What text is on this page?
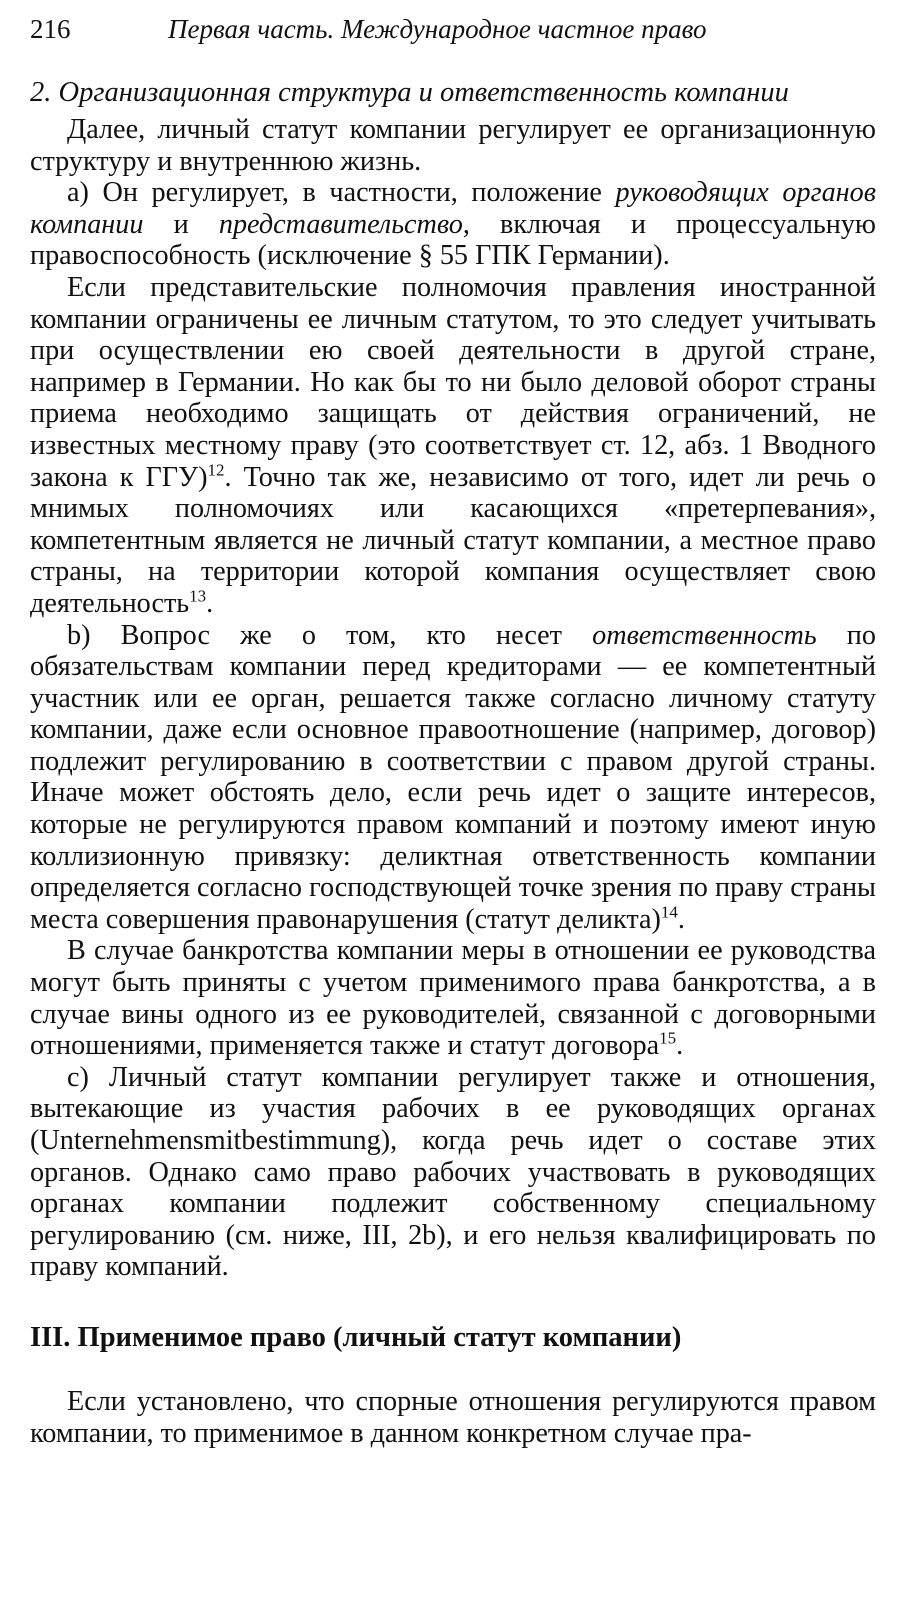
216	Первая часть. Международное частное право
2. Организационная структура и ответственность компании

Далее, личный статут компании регулирует ее организационную структуру и внутреннюю жизнь.

а) Он регулирует, в частности, положение руководящих органов компании и представительство, включая и процессуальную правоспособность (исключение § 55 ГПК Германии).

Если представительские полномочия правления иностранной компании ограничены ее личным статутом, то это следует учитывать при осуществлении ею своей деятельности в другой стране, например в Германии. Но как бы то ни было деловой оборот страны приема необходимо защищать от действия ограничений, не известных местному праву (это соответствует ст. 12, абз. 1 Вводного закона к ГГУ)$^{12}$. Точно так же, независимо от того, идет ли речь о мнимых полномочиях или касающихся «претерпевания», компетентным является не личный статут компании, а местное право страны, на территории которой компания осуществляет свою деятельность$^{13}$.

b) Вопрос же о том, кто несет ответственность по обязательствам компании перед кредиторами — ее компетентный участник или ее орган, решается также согласно личному статуту компании, даже если основное правоотношение (например, договор) подлежит регулированию в соответствии с правом другой страны. Иначе может обстоять дело, если речь идет о защите интересов, которые не регулируются правом компаний и поэтому имеют иную коллизионную привязку: деликтная ответственность компании определяется согласно господствующей точке зрения по праву страны места совершения правонарушения (статут деликта)$^{14}$.

В случае банкротства компании меры в отношении ее руководства могут быть приняты с учетом применимого права банкротства, а в случае вины одного из ее руководителей, связанной с договорными отношениями, применяется также и статут договора$^{15}$.

c) Личный статут компании регулирует также и отношения, вытекающие из участия рабочих в ее руководящих органах (Unternehmensmitbestimmung), когда речь идет о составе этих органов. Однако само право рабочих участвовать в руководящих органах компании подлежит собственному специальному регулированию (см. ниже, III, 2b), и его нельзя квалифицировать по праву компаний.

III. Применимое право (личный статут компании)

Если установлено, что спорные отношения регулируются правом компании, то применимое в данном конкретном случае пра-
